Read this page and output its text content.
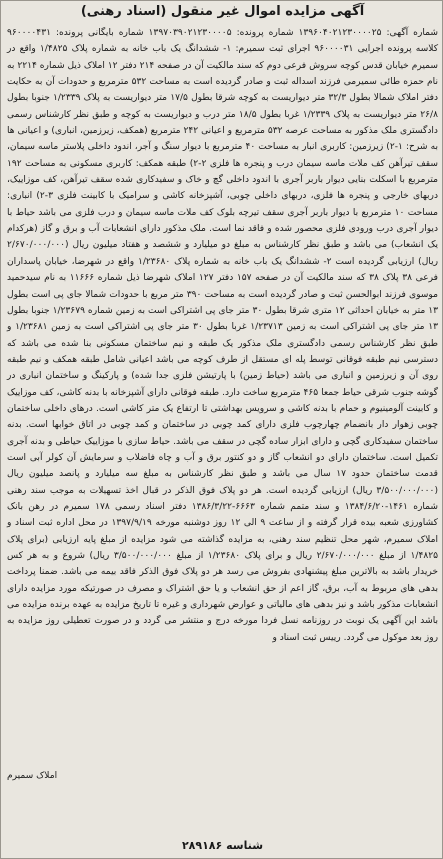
آگهی مزایده اموال غیر منقول (اسناد رهنی)
شماره آگهی: ۱۳۹۶۰۴۰۲۱۲۳۰۰۰۰۲۵ شماره پرونده: ۱۳۹۷۰۳۹۰۲۱۲۳۰۰۰۰۵ شماره بایگانی پرونده: ۹۶۰۰۰۰۴۳۱ کلاسه پرونده اجرایی ۹۶۰۰۰۰۳۱ اجرای ثبت سمیرم: ۱- ششدانگ یک باب خانه به شماره پلاک ۱/۴۸۲۵ واقع در سمیرم خیابان قدس کوچه سروش فرعی دوم که سند مالکیت آن در صفحه ۲۱۴ دفتر ۱۲ املاک ذیل شماره ۲۲۱۴ به نام حمزه طائی سمیرمی فرزند اسداله ثبت و صادر گردیده است به مساحت ۵۳۲ مترمربع و حدودات آن به حکایت دفتر املاک شمالا بطول ۳۲/۳ متر دیواریست به کوچه شرقا بطول ۱۷/۵ متر دیواریست به پلاک ۱/۲۳۳۹ جنوبا بطول ۲۶/۸ متر دیواریست به پلاک ۱/۲۳۳۹ غربا بطول ۱۸/۵ متر درب و دیواریست به کوچه و طبق نظر کارشناس رسمی دادگستری ملک مذکور به مساحت عرصه ۵۳۲ مترمربع و اعیانی ۲۴۲ مترمربع (همکف، زیرزمین، انباری) و اعیانی ها به شرح: ۱-۲) زیرزمین: کاربری انبار به مساحت ۴۰ مترمربع با دیوار سنگ و آجر، اندود داخلی پلاستر ماسه سیمان، سقف تیرآهن کف ملات ماسه سیمان درب و پنجره ها فلزی ۲-۲) طبقه همکف: کاربری مسکونی به مساحت ۱۹۲ مترمربع با اسکلت بنایی دیوار باربر آجری با اندود داخلی گچ و خاک و سفیدکاری شده سقف تیرآهن، کف موزاییک، دربهای خارجی و پنجره ها فلزی، دربهای داخلی چوبی، آشپزخانه کاشی و سرامیک با کابینت فلزی ۳-۲) انباری: مساحت ۱۰ مترمربع با دیوار باربر آجری سقف تیرچه بلوک کف ملات ماسه سیمان و درب فلزی می باشد حیاط با دیوار آجری درب ورودی فلزی محصور شده و فاقد نما است. ملک مذکور دارای انشعابات آب و برق و گاز (هرکدام یک انشعاب) می باشد و طبق نظر کارشناس به مبلغ دو میلیارد و ششصد و هفتاد میلیون ریال (۲/۶۷۰/۰۰۰/۰۰۰ ریال) ارزیابی گردیده است ۲- ششدانگ یک باب خانه به شماره پلاک ۱/۲۳۶۸۰ واقع در شهرضا، خیابان پاسداران فرعی ۳۸ پلاک ۳۸ که سند مالکیت آن در صفحه ۱۵۷ دفتر ۱۲۷ املاک شهرضا ذیل شماره ۱۱۶۶۶ به نام سیدحمید موسوی فرزند ابوالحسن ثبت و صادر گردیده است به مساحت ۳۹۰ متر مربع با حدودات شمالا جای پی است بطول ۱۳ متر به خیابان احداثی ۱۲ متری شرقا بطول ۳۰ متر جای پی اشتراکی است به زمین شماره ۱/۲۳۶۷۹ جنوبا بطول ۱۳ متر جای پی اشتراکی است به زمین ۱/۲۳۷۱۳ غربا بطول ۳۰ متر جای پی اشتراکی است به زمین ۱/۲۳۶۸۱ و طبق نظر کارشناس رسمی دادگستری ملک مذکور یک طبقه و نیم ساختمان مسکونی بنا شده می باشد که دسترسی نیم طبقه فوقانی توسط پله ای مستقل از طرف کوچه می باشد اعیانی شامل طبقه همکف و نیم طبقه روی آن و زیرزمین و انباری می باشد (حیاط زمین) با پارتیشن فلزی جدا شده) و پارکینگ و ساختمان انباری در گوشه جنوب شرقی حیاط جمعا ۴۶۵ مترمربع ساخت دارد. طبقه فوقانی دارای آشپزخانه با بدنه کاشی، کف موزاییک و کابینت آلومینیوم و حمام با بدنه کاشی و سرویس بهداشتی تا ارتفاع یک متر کاشی است. درهای داخلی ساختمان چوبی زهوار دار بانضمام چهارچوب فلزی دارای کمد چوبی در ساختمان و کمد چوبی در اتاق خوابها است. بدنه ساختمان سفیدکاری گچی و دارای ابزار ساده گچی در سقف می باشد. حیاط سازی با موزاییک حیاطی و بدنه آجری تکمیل است. ساختمان دارای دو انشعاب گاز و دو کنتور برق و آب و چاه فاضلاب و سرمایش آن کولر آبی است قدمت ساختمان حدود ۱۷ سال می باشد و طبق نظر کارشناس به مبلغ سه میلیارد و پانصد میلیون ریال (۳/۵۰۰/۰۰۰/۰۰۰ ریال) ارزیابی گردیده است. هر دو پلاک فوق الذکر در قبال اخذ تسهیلات به موجب سند رهنی شماره ۱۴۶۱-۱۳۸۴/۶/۲۰ و سند متمم شماره ۶۶۶۳-۱۳۸۶/۳/۲۲ دفتر اسناد رسمی ۱۷۸ سمیرم در رهن بانک کشاورزی شعبه بیده قرار گرفته و از ساعت ۹ الی ۱۲ روز دوشنبه مورخه ۱۳۹۷/۹/۱۹ در محل اداره ثبت اسناد و املاک سمیرم، شهر محل تنظیم سند رهنی، به مزایده گذاشته می شود مزایده از مبلغ پایه ارزیابی (برای پلاک ۱/۴۸۲۵ از مبلغ ۲/۶۷۰/۰۰۰/۰۰۰ ریال و برای پلاک ۱/۲۳۶۸۰ از مبلغ ۳/۵۰۰/۰۰۰/۰۰۰ ریال) شروع و به هر کس خریدار باشد به بالاترین مبلغ پیشنهادی بفروش می رسد هر دو پلاک فوق الذکر فاقد بیمه می باشد. ضمنا پرداخت بدهی های مربوط به آب، برق، گاز اعم از حق انشعاب و یا حق اشتراک و مصرف در صورتیکه مورد مزایده دارای انشعابات مذکور باشد و نیز بدهی های مالیاتی و عوارض شهرداری و غیره تا تاریخ مزایده به عهده برنده مزایده می باشد این آگهی یک نوبت در روزنامه نسل فردا مورخه درج و منتشر می گردد و در صورت تعطیلی روز مزایده به روز بعد موکول می گردد. رییس ثبت اسناد و
املاک سمیرم
شناسه ۲۸۹۱۸۶
